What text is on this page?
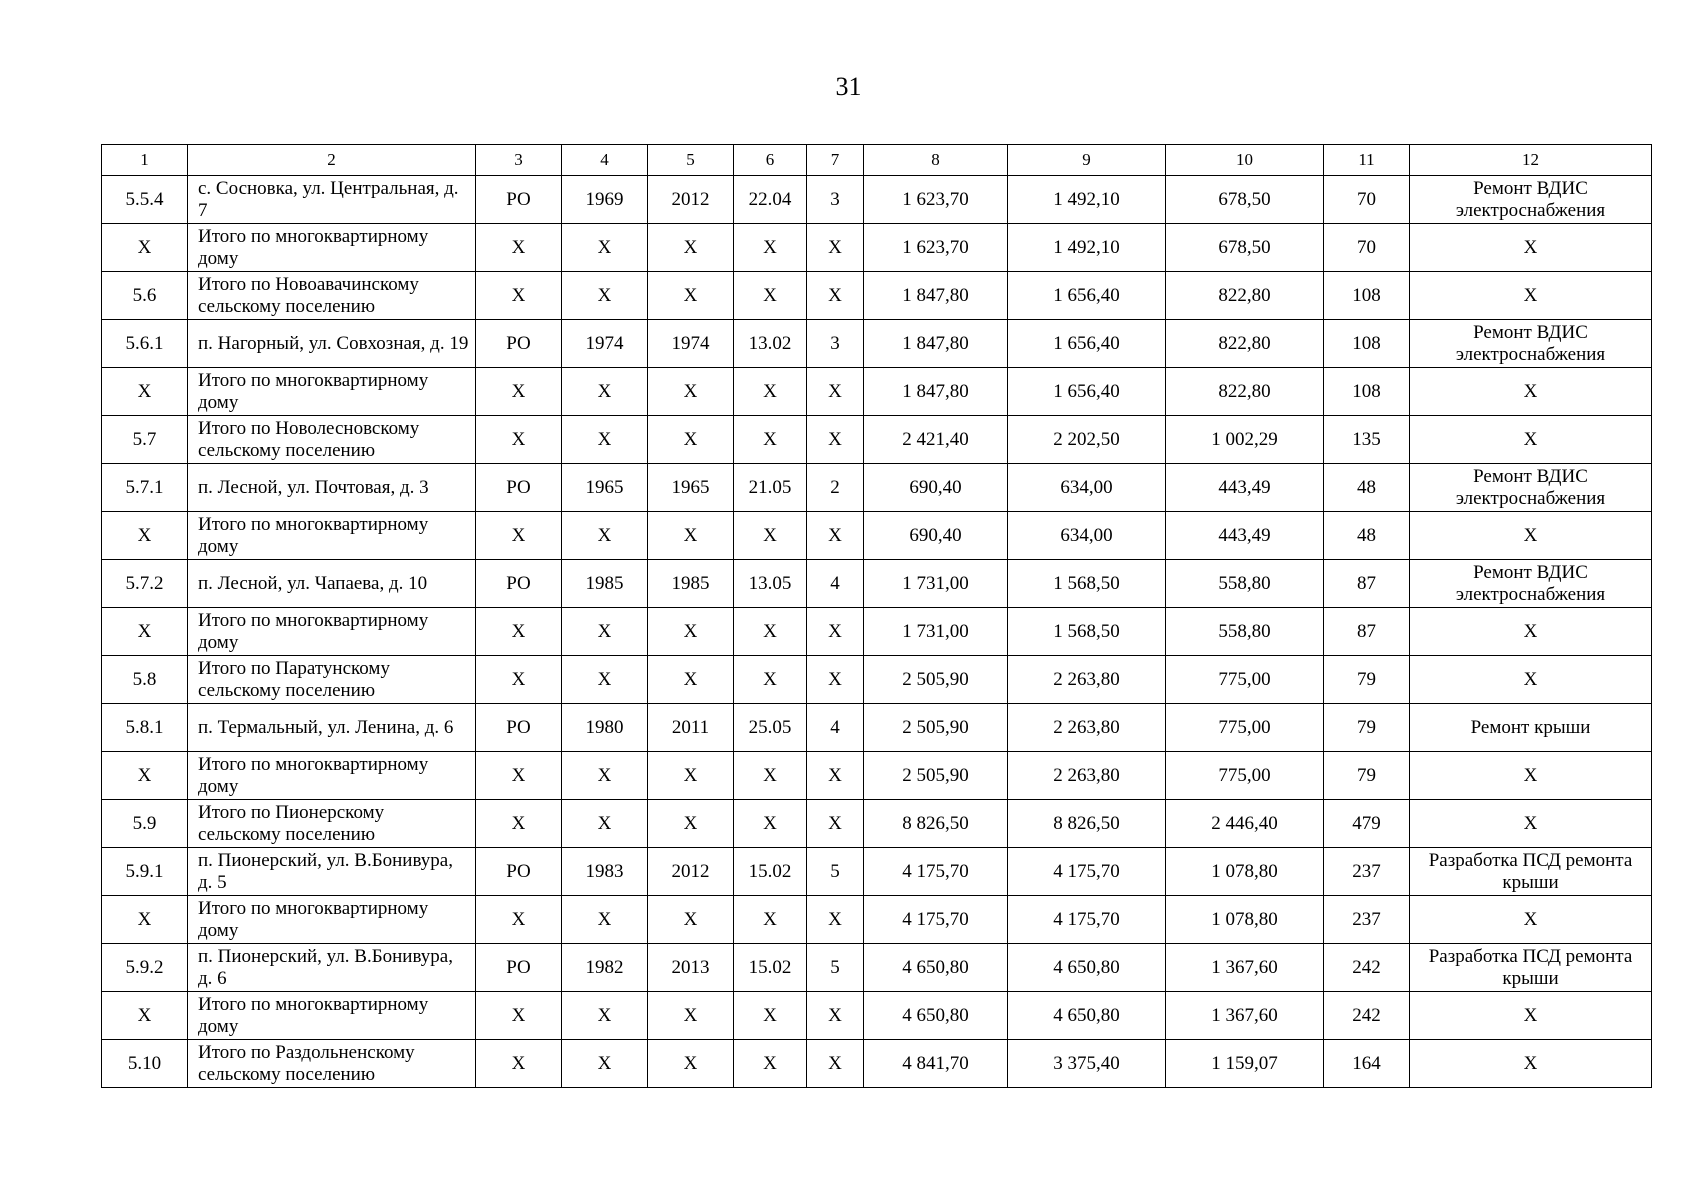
31
1	2	3	4	5	6	7	8	9	10	11	12
5.5.4	с. Сосновка, ул. Центральная, д. 7	РО	1969	2012	22.04	3	1 623,70	1 492,10	678,50	70	Ремонт ВДИС электроснабжения
Х	Итого по многоквартирному дому	Х	Х	Х	Х	Х	1 623,70	1 492,10	678,50	70	Х
5.6	Итого по Новоавачинскому сельскому поселению	Х	Х	Х	Х	Х	1 847,80	1 656,40	822,80	108	Х
5.6.1	п. Нагорный, ул. Совхозная, д. 19	РО	1974	1974	13.02	3	1 847,80	1 656,40	822,80	108	Ремонт ВДИС электроснабжения
Х	Итого по многоквартирному дому	Х	Х	Х	Х	Х	1 847,80	1 656,40	822,80	108	Х
5.7	Итого по Новолесновскому сельскому поселению	Х	Х	Х	Х	Х	2 421,40	2 202,50	1 002,29	135	Х
5.7.1	п. Лесной, ул. Почтовая, д. 3	РО	1965	1965	21.05	2	690,40	634,00	443,49	48	Ремонт ВДИС электроснабжения
Х	Итого по многоквартирному дому	Х	Х	Х	Х	Х	690,40	634,00	443,49	48	Х
5.7.2	п. Лесной, ул. Чапаева, д. 10	РО	1985	1985	13.05	4	1 731,00	1 568,50	558,80	87	Ремонт ВДИС электроснабжения
Х	Итого по многоквартирному дому	Х	Х	Х	Х	Х	1 731,00	1 568,50	558,80	87	Х
5.8	Итого по Паратунскому сельскому поселению	Х	Х	Х	Х	Х	2 505,90	2 263,80	775,00	79	Х
5.8.1	п. Термальный, ул. Ленина, д. 6	РО	1980	2011	25.05	4	2 505,90	2 263,80	775,00	79	Ремонт крыши
Х	Итого по многоквартирному дому	Х	Х	Х	Х	Х	2 505,90	2 263,80	775,00	79	Х
5.9	Итого по Пионерскому сельскому поселению	Х	Х	Х	Х	Х	8 826,50	8 826,50	2 446,40	479	Х
5.9.1	п. Пионерский, ул. В.Бонивура, д. 5	РО	1983	2012	15.02	5	4 175,70	4 175,70	1 078,80	237	Разработка ПСД ремонта крыши
Х	Итого по многоквартирному дому	Х	Х	Х	Х	Х	4 175,70	4 175,70	1 078,80	237	Х
5.9.2	п. Пионерский, ул. В.Бонивура, д. 6	РО	1982	2013	15.02	5	4 650,80	4 650,80	1 367,60	242	Разработка ПСД ремонта крыши
Х	Итого по многоквартирному дому	Х	Х	Х	Х	Х	4 650,80	4 650,80	1 367,60	242	Х
5.10	Итого по Раздольненскому сельскому поселению	Х	Х	Х	Х	Х	4 841,70	3 375,40	1 159,07	164	Х
